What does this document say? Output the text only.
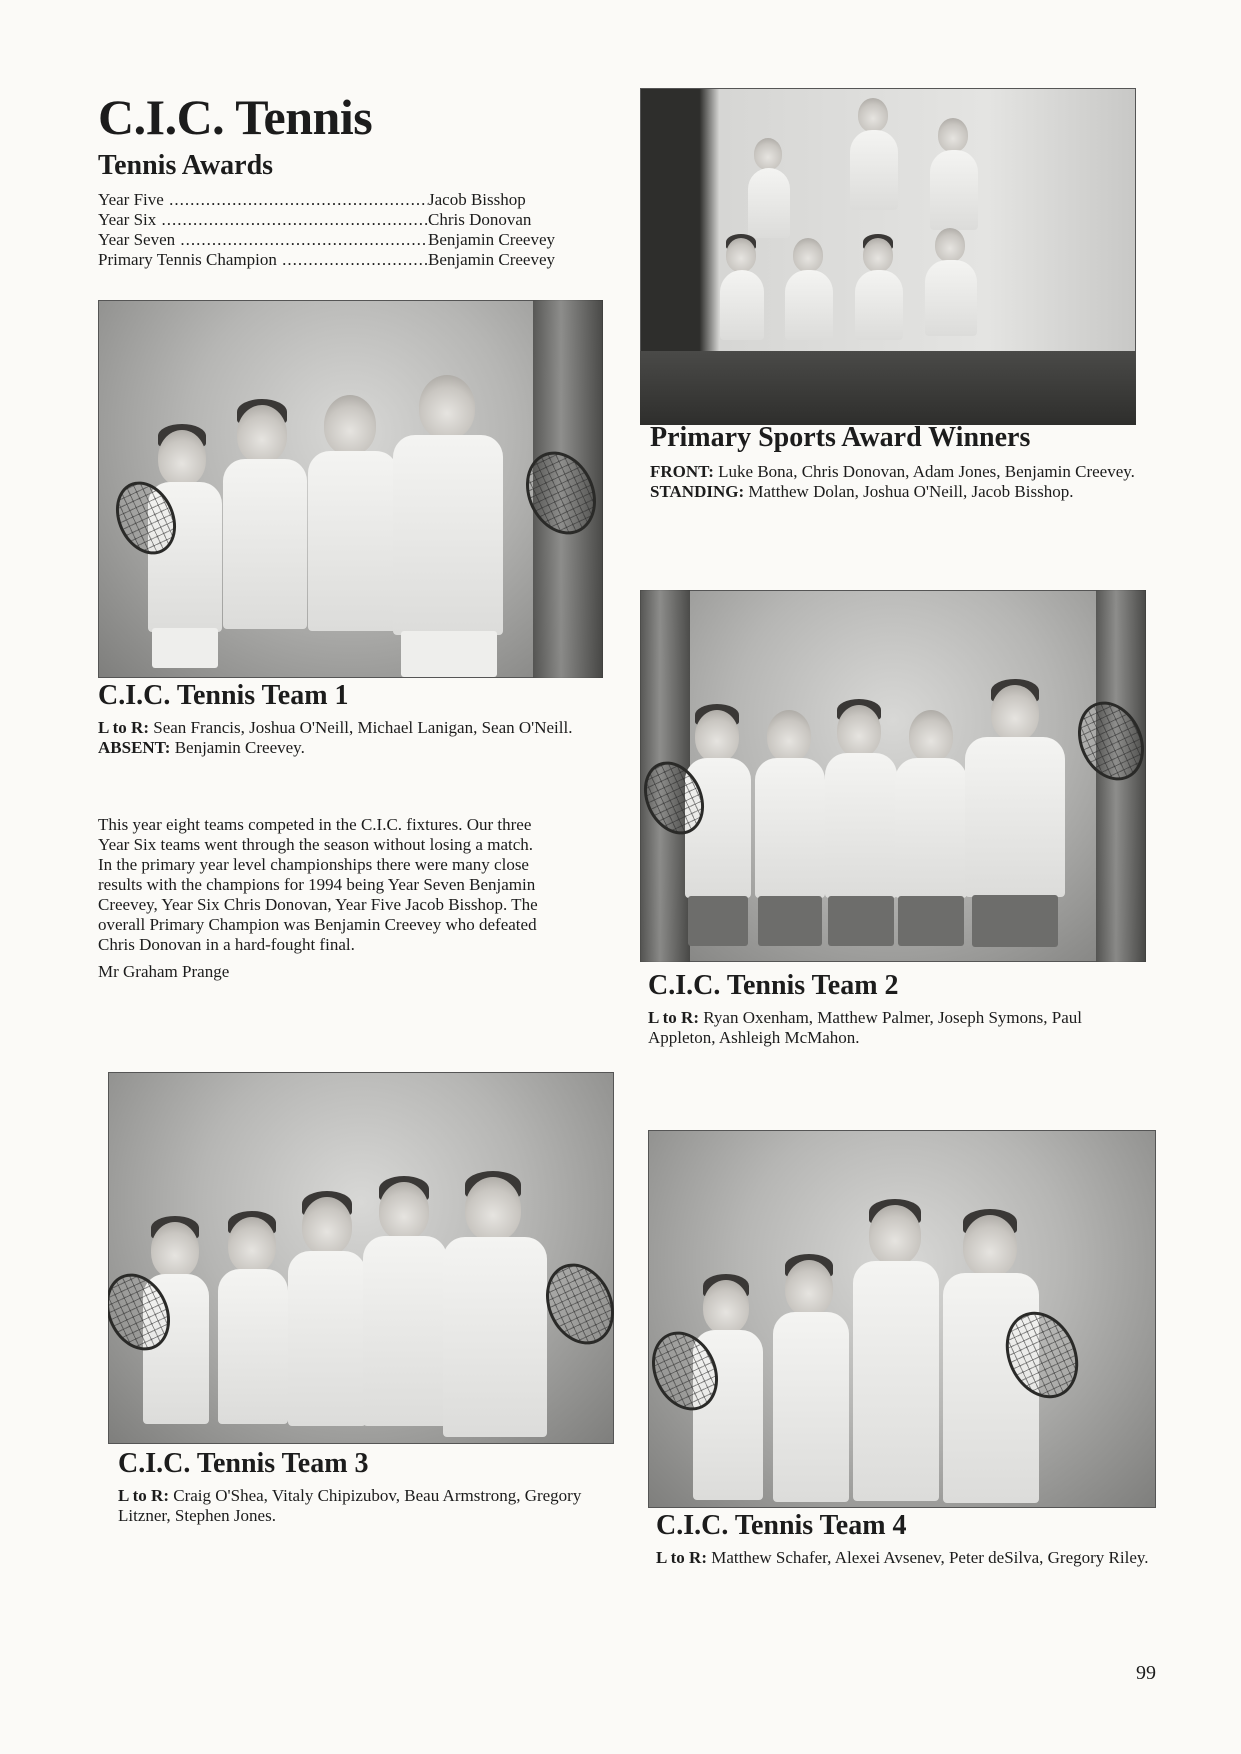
C.I.C. Tennis
Tennis Awards
Year Five .....	Jacob Bisshop
Year Six .....	Chris Donovan
Year Seven .....	Benjamin Creevey
Primary Tennis Champion .....	Benjamin Creevey
Primary Sports Award Winners
FRONT: Luke Bona, Chris Donovan, Adam Jones, Benjamin Creevey.
STANDING: Matthew Dolan, Joshua O'Neill, Jacob Bisshop.
C.I.C. Tennis Team 1
L to R: Sean Francis, Joshua O'Neill, Michael Lanigan, Sean O'Neill.
ABSENT: Benjamin Creevey.
This year eight teams competed in the C.I.C. fixtures. Our three Year Six teams went through the season without losing a match. In the primary year level championships there were many close results with the champions for 1994 being Year Seven Benjamin Creevey, Year Six Chris Donovan, Year Five Jacob Bisshop. The overall Primary Champion was Benjamin Creevey who defeated Chris Donovan in a hard-fought final.
Mr Graham Prange	C.I.C. Tennis Team 2
L to R: Ryan Oxenham, Matthew Palmer, Joseph Symons, Paul Appleton, Ashleigh McMahon.
C.I.C. Tennis Team 3
L to R: Craig O'Shea, Vitaly Chipizubov, Beau Armstrong, Gregory Litzner, Stephen Jones.	C.I.C. Tennis Team 4
L to R: Matthew Schafer, Alexei Avsenev, Peter deSilva, Gregory Riley.
99
